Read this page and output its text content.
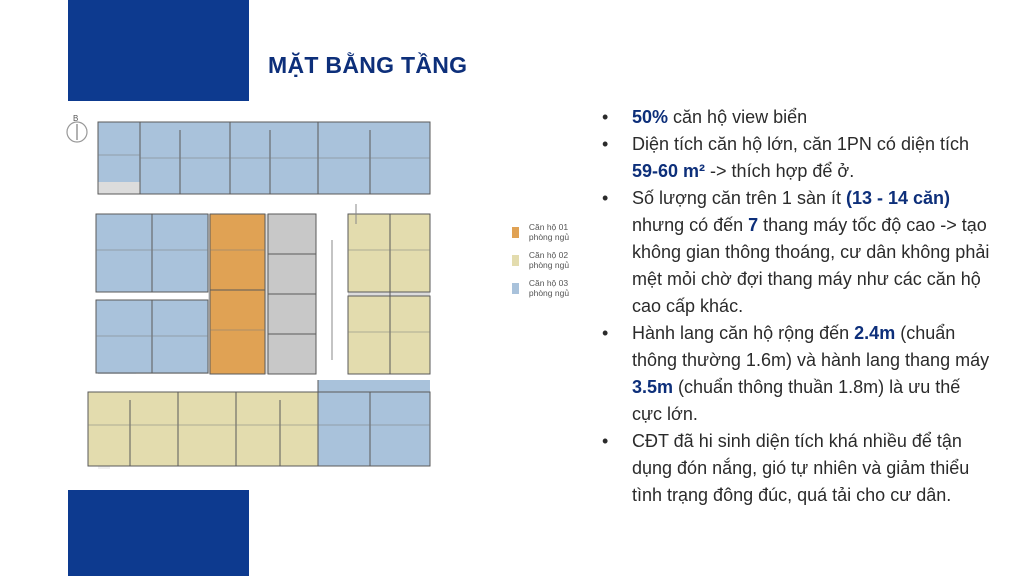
MẶT BẰNG TẦNG
B
Căn hộ 01 phòng ngủ
Căn hộ 02 phòng ngủ
Căn hộ 03 phòng ngủ
• 50% căn hộ view biển
• Diện tích căn hộ lớn, căn 1PN có diện tích 59-60 m² -> thích hợp để ở.
• Số lượng căn trên 1 sàn ít (13 - 14 căn) nhưng có đến 7 thang máy tốc độ cao -> tạo không gian thông thoáng, cư dân không phải mệt mỏi chờ đợi thang máy như các căn hộ cao cấp khác.
• Hành lang căn hộ rộng đến 2.4m (chuẩn thông thường 1.6m) và hành lang thang máy 3.5m (chuẩn thông thuần 1.8m) là ưu thế cực lớn.
• CĐT đã hi sinh diện tích khá nhiều để tận dụng đón nắng, gió tự nhiên và giảm thiểu tình trạng đông đúc, quá tải cho cư dân.
